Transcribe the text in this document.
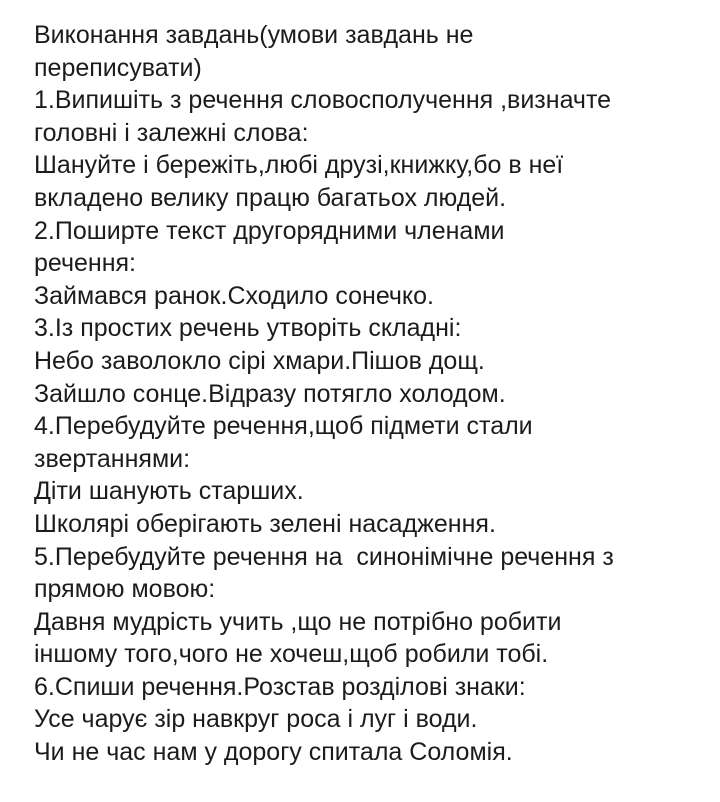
Виконання завдань(умови завдань не
переписувати)
1.Випишіть з речення словосполучення ,визначте
головні і залежні слова:
Шануйте і бережіть,любі друзі,книжку,бо в неї
вкладено велику працю багатьох людей.
2.Поширте текст другорядними членами
речення:
Займався ранок.Сходило сонечко.
3.Із простих речень утворіть складні:
Небо заволокло сірі хмари.Пішов дощ.
Зайшло сонце.Відразу потягло холодом.
4.Перебудуйте речення,щоб підмети стали
звертаннями:
Діти шанують старших.
Школярі оберігають зелені насадження.
5.Перебудуйте речення на  синонімічне речення з
прямою мовою:
Давня мудрість учить ,що не потрібно робити
іншому того,чого не хочеш,щоб робили тобі.
6.Спиши речення.Розстав розділові знаки:
Усе чарує зір навкруг роса і луг і води.
Чи не час нам у дорогу спитала Соломія.
